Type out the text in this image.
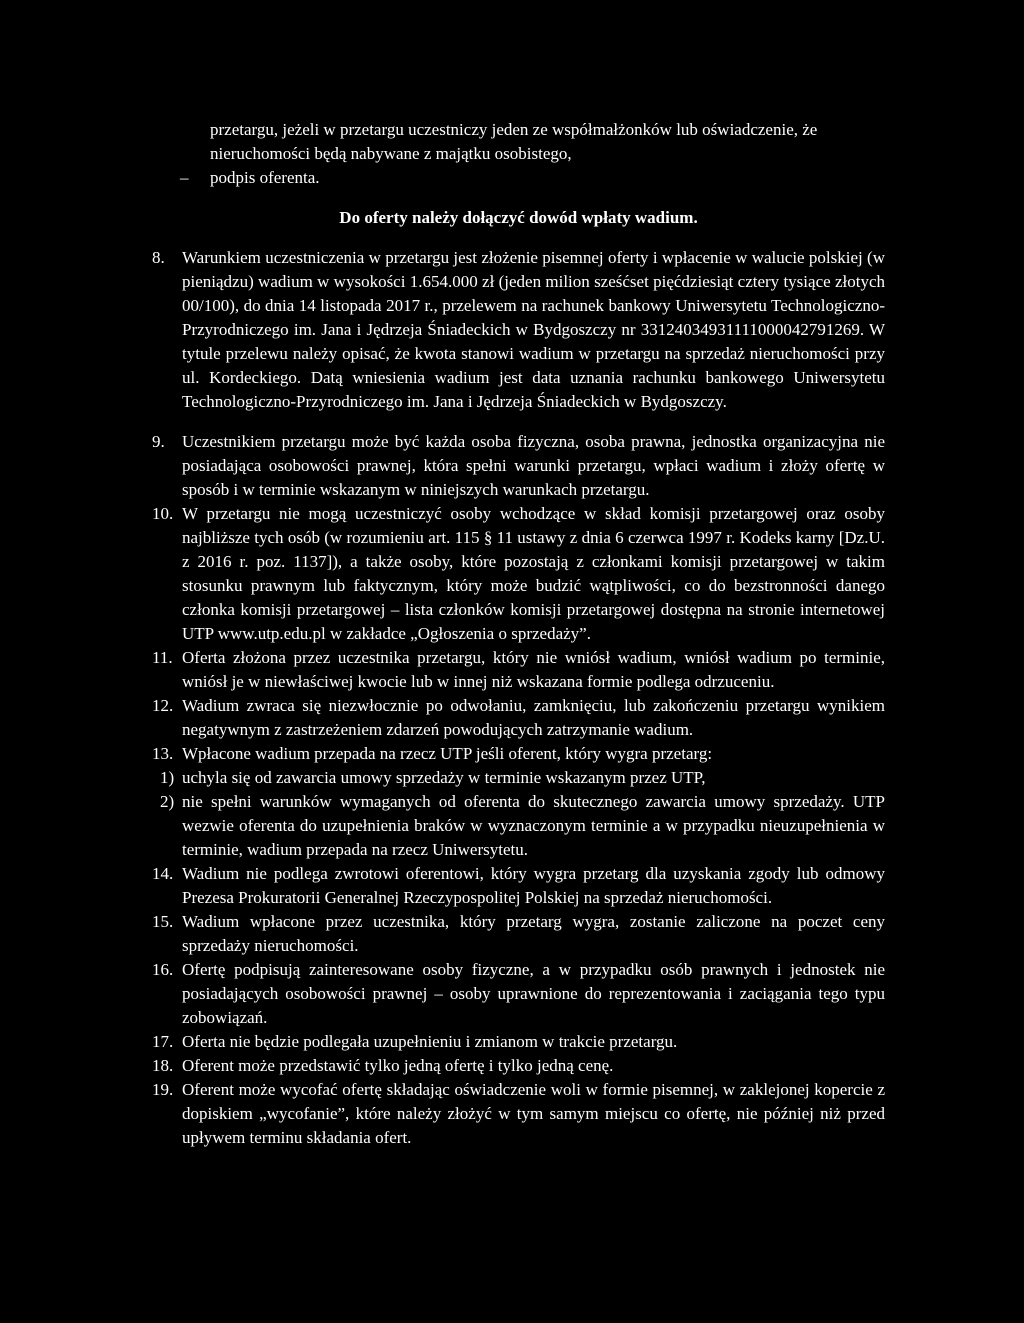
przetargu, jeżeli w przetargu uczestniczy jeden ze współmałżonków lub oświadczenie, że nieruchomości będą nabywane z majątku osobistego,

–	podpis oferenta.

Do oferty należy dołączyć dowód wpłaty wadium.

8.	Warunkiem uczestniczenia w przetargu jest złożenie pisemnej oferty i wpłacenie w walucie polskiej (w pieniądzu) wadium w wysokości 1.654.000 zł (jeden milion sześćset pięćdziesiąt cztery tysiące złotych 00/100), do dnia 14 listopada 2017 r., przelewem na rachunek bankowy Uniwersytetu Technologiczno-Przyrodniczego im. Jana i Jędrzeja Śniadeckich w Bydgoszczy nr 33124034931111000042791269. W tytule przelewu należy opisać, że kwota stanowi wadium w przetargu na sprzedaż nieruchomości przy ul. Kordeckiego. Datą wniesienia wadium jest data uznania rachunku bankowego Uniwersytetu Technologiczno-Przyrodniczego im. Jana i Jędrzeja Śniadeckich w Bydgoszczy.
9.	Uczestnikiem przetargu może być każda osoba fizyczna, osoba prawna, jednostka organizacyjna nie posiadająca osobowości prawnej, która spełni warunki przetargu, wpłaci wadium i złoży ofertę w sposób i w terminie wskazanym w niniejszych warunkach przetargu.
10. W przetargu nie mogą uczestniczyć osoby wchodzące w skład komisji przetargowej oraz osoby najbliższe tych osób (w rozumieniu art. 115 § 11 ustawy z dnia 6 czerwca 1997 r. Kodeks karny [Dz.U. z 2016 r. poz. 1137]), a także osoby, które pozostają z członkami komisji przetargowej w takim stosunku prawnym lub faktycznym, który może budzić wątpliwości, co do bezstronności danego członka komisji przetargowej – lista członków komisji przetargowej dostępna na stronie internetowej UTP www.utp.edu.pl w zakładce „Ogłoszenia o sprzedaży”.
11. Oferta złożona przez uczestnika przetargu, który nie wniósł wadium, wniósł wadium po terminie, wniósł je w niewłaściwej kwocie lub w innej niż wskazana formie podlega odrzuceniu.
12. Wadium zwraca się niezwłocznie po odwołaniu, zamknięciu, lub zakończeniu przetargu wynikiem negatywnym z zastrzeżeniem zdarzeń powodujących zatrzymanie wadium.
13. Wpłacone wadium przepada na rzecz UTP jeśli oferent, który wygra przetarg:
1) uchyla się od zawarcia umowy sprzedaży w terminie wskazanym przez UTP,
2) nie spełni warunków wymaganych od oferenta do skutecznego zawarcia umowy sprzedaży. UTP wezwie oferenta do uzupełnienia braków w wyznaczonym terminie a w przypadku nieuzupełnienia w terminie, wadium przepada na rzecz Uniwersytetu.
14. Wadium nie podlega zwrotowi oferentowi, który wygra przetarg dla uzyskania zgody lub odmowy Prezesa Prokuratorii Generalnej Rzeczypospolitej Polskiej na sprzedaż nieruchomości.
15. Wadium wpłacone przez uczestnika, który przetarg wygra, zostanie zaliczone na poczet ceny sprzedaży nieruchomości.
16. Ofertę podpisują zainteresowane osoby fizyczne, a w przypadku osób prawnych i jednostek nie posiadających osobowości prawnej – osoby uprawnione do reprezentowania i zaciągania tego typu zobowiązań.
17. Oferta nie będzie podlegała uzupełnieniu i zmianom w trakcie przetargu.
18. Oferent może przedstawić tylko jedną ofertę i tylko jedną cenę.
19. Oferent może wycofać ofertę składając oświadczenie woli w formie pisemnej, w zaklejonej kopercie z dopiskiem „wycofanie”, które należy złożyć w tym samym miejscu co ofertę, nie później niż przed upływem terminu składania ofert.
